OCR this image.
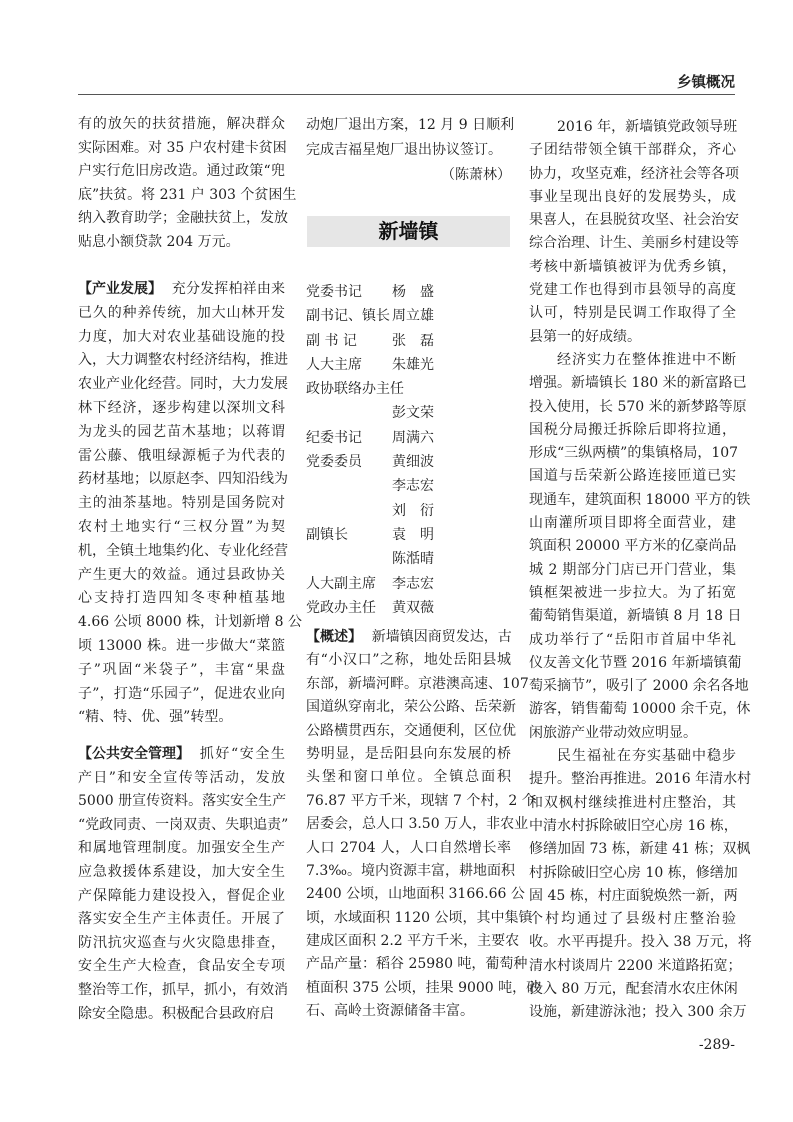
乡镇概况
有的放矢的扶贫措施，解决群众
实际困难。对 35 户农村建卡贫困
户实行危旧房改造。通过政策“兜
底”扶贫。将 231 户 303 个贫困生
纳入教育助学；金融扶贫上，发放
贴息小额贷款 204 万元。
【产业发展】 充分发挥柏祥由来
已久的种养传统，加大山林开发
力度，加大对农业基础设施的投
入，大力调整农村经济结构，推进
农业产业化经营。同时，大力发展
林下经济，逐步构建以深圳文科
为龙头的园艺苗木基地；以蒋谓
雷公藤、俄咀绿源栀子为代表的
药材基地；以原赵李、四知沿线为
主的油茶基地。特别是国务院对
农村土地实行“三权分置”为契
机，全镇土地集约化、专业化经营
产生更大的效益。通过县政协关
心支持打造四知冬枣种植基地
4.66 公顷 8000 株，计划新增 8 公
顷 13000 株。进一步做大“菜篮
子”巩固“米袋子”，丰富“果盘
子”，打造“乐园子”，促进农业向
“精、特、优、强”转型。
【公共安全管理】 抓好“安全生
产日”和安全宣传等活动，发放
5000 册宣传资料。落实安全生产
“党政同责、一岗双责、失职追责”
和属地管理制度。加强安全生产
应急救援体系建设，加大安全生
产保障能力建设投入，督促企业
落实安全生产主体责任。开展了
防汛抗灾巡查与火灾隐患排查，
安全生产大检查，食品安全专项
整治等工作，抓早，抓小，有效消
除安全隐患。积极配合县政府启
（陈萧林）
新墙镇
党委书记	杨　盛
副书记、镇长 周立雄
副 书 记	张　磊
人大主席	朱雄光
政协联络办主任
彭文荣
纪委书记	周满六
党委委员	黄细波
李志宏
刘　衍
副镇长	袁　明
陈湉晴
人大副主席	李志宏
党政办主任	黄双薇
动炮厂退出方案，12 月 9 日顺利
完成吉福星炮厂退出协议签订。
【概述】 新墙镇因商贸发达，古
有“小汉口”之称，地处岳阳县城
东部，新墙河畔。京港澳高速、107
国道纵穿南北，荣公公路、岳荣新
公路横贯西东，交通便利，区位优
势明显，是岳阳县向东发展的桥
头堡和窗口单位。全镇总面积
76.87 平方千米，现辖 7 个村，2 个
居委会，总人口 3.50 万人，非农业
人口 2704 人，人口自然增长率
7.3‰。境内资源丰富，耕地面积
2400 公顷，山地面积 3166.66 公
顷，水域面积 1120 公顷，其中集镇
建成区面积 2.2 平方千米，主要农
产品产量：稻谷 25980 吨，葡萄种
植面积 375 公顷，挂果 9000 吨，砂
石、高岭土资源储备丰富。
2016 年，新墙镇党政领导班
子团结带领全镇干部群众，齐心
协力，攻坚克难，经济社会等各项
事业呈现出良好的发展势头，成
果喜人，在县脱贫攻坚、社会治安
综合治理、计生、美丽乡村建设等
考核中新墙镇被评为优秀乡镇，
党建工作也得到市县领导的高度
认可，特别是民调工作取得了全
县第一的好成绩。
经济实力在整体推进中不断
增强。新墙镇长 180 米的新富路已
投入使用，长 570 米的新梦路等原
国税分局搬迁拆除后即将拉通，
形成“三纵两横”的集镇格局，107
国道与岳荣新公路连接匝道已实
现通车，建筑面积 18000 平方的铁
山南灌所项目即将全面营业，建
筑面积 20000 平方米的亿豪尚品
城 2 期部分门店已开门营业，集
镇框架被进一步拉大。为了拓宽
葡萄销售渠道，新墙镇 8 月 18 日
成功举行了“岳阳市首届中华礼
仪友善文化节暨 2016 年新墙镇葡
萄采摘节”，吸引了 2000 余名各地
游客，销售葡萄 10000 余千克，休
闲旅游产业带动效应明显。
民生福祉在夯实基础中稳步
提升。整治再推进。2016 年清水村
和双枫村继续推进村庄整治，其
中清水村拆除破旧空心房 16 栋，
修缮加固 73 栋，新建 41 栋；双枫
村拆除破旧空心房 10 栋，修缮加
固 45 栋，村庄面貌焕然一新，两
个村均通过了县级村庄整治验
收。水平再提升。投入 38 万元，将
清水村谈周片 2200 米道路拓宽；
投入 80 万元，配套清水农庄休闲
设施，新建游泳池；投入 300 余万
-289-
